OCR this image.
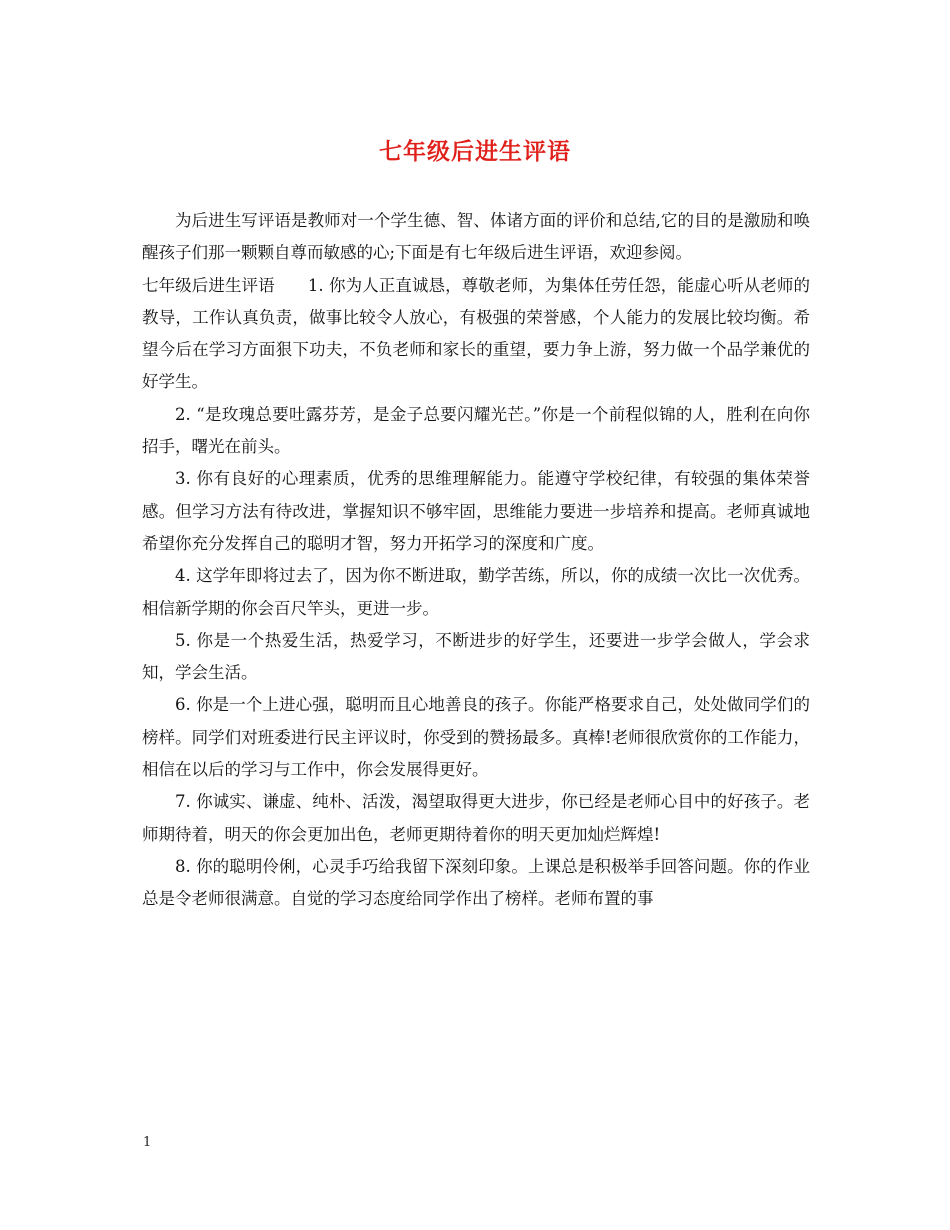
七年级后进生评语

为后进生写评语是教师对一个学生德、智、体诸方面的评价和总结,它的目的是激励和唤醒孩子们那一颗颗自尊而敏感的心;下面是有七年级后进生评语，欢迎参阅。

七年级后进生评语　　1. 你为人正直诚恳，尊敬老师，为集体任劳任怨，能虚心听从老师的教导，工作认真负责，做事比较令人放心，有极强的荣誉感，个人能力的发展比较均衡。希望今后在学习方面狠下功夫，不负老师和家长的重望，要力争上游，努力做一个品学兼优的好学生。

2. “是玫瑰总要吐露芬芳，是金子总要闪耀光芒。”你是一个前程似锦的人，胜利在向你招手，曙光在前头。

3. 你有良好的心理素质，优秀的思维理解能力。能遵守学校纪律，有较强的集体荣誉感。但学习方法有待改进，掌握知识不够牢固，思维能力要进一步培养和提高。老师真诚地希望你充分发挥自己的聪明才智，努力开拓学习的深度和广度。

4. 这学年即将过去了，因为你不断进取，勤学苦练，所以，你的成绩一次比一次优秀。相信新学期的你会百尺竿头，更进一步。

5. 你是一个热爱生活，热爱学习，不断进步的好学生，还要进一步学会做人，学会求知，学会生活。

6. 你是一个上进心强，聪明而且心地善良的孩子。你能严格要求自己，处处做同学们的榜样。同学们对班委进行民主评议时，你受到的赞扬最多。真棒!老师很欣赏你的工作能力，相信在以后的学习与工作中，你会发展得更好。

7. 你诚实、谦虚、纯朴、活泼，渴望取得更大进步，你已经是老师心目中的好孩子。老师期待着，明天的你会更加出色，老师更期待着你的明天更加灿烂辉煌!

8. 你的聪明伶俐，心灵手巧给我留下深刻印象。上课总是积极举手回答问题。你的作业总是令老师很满意。自觉的学习态度给同学作出了榜样。老师布置的事

1
